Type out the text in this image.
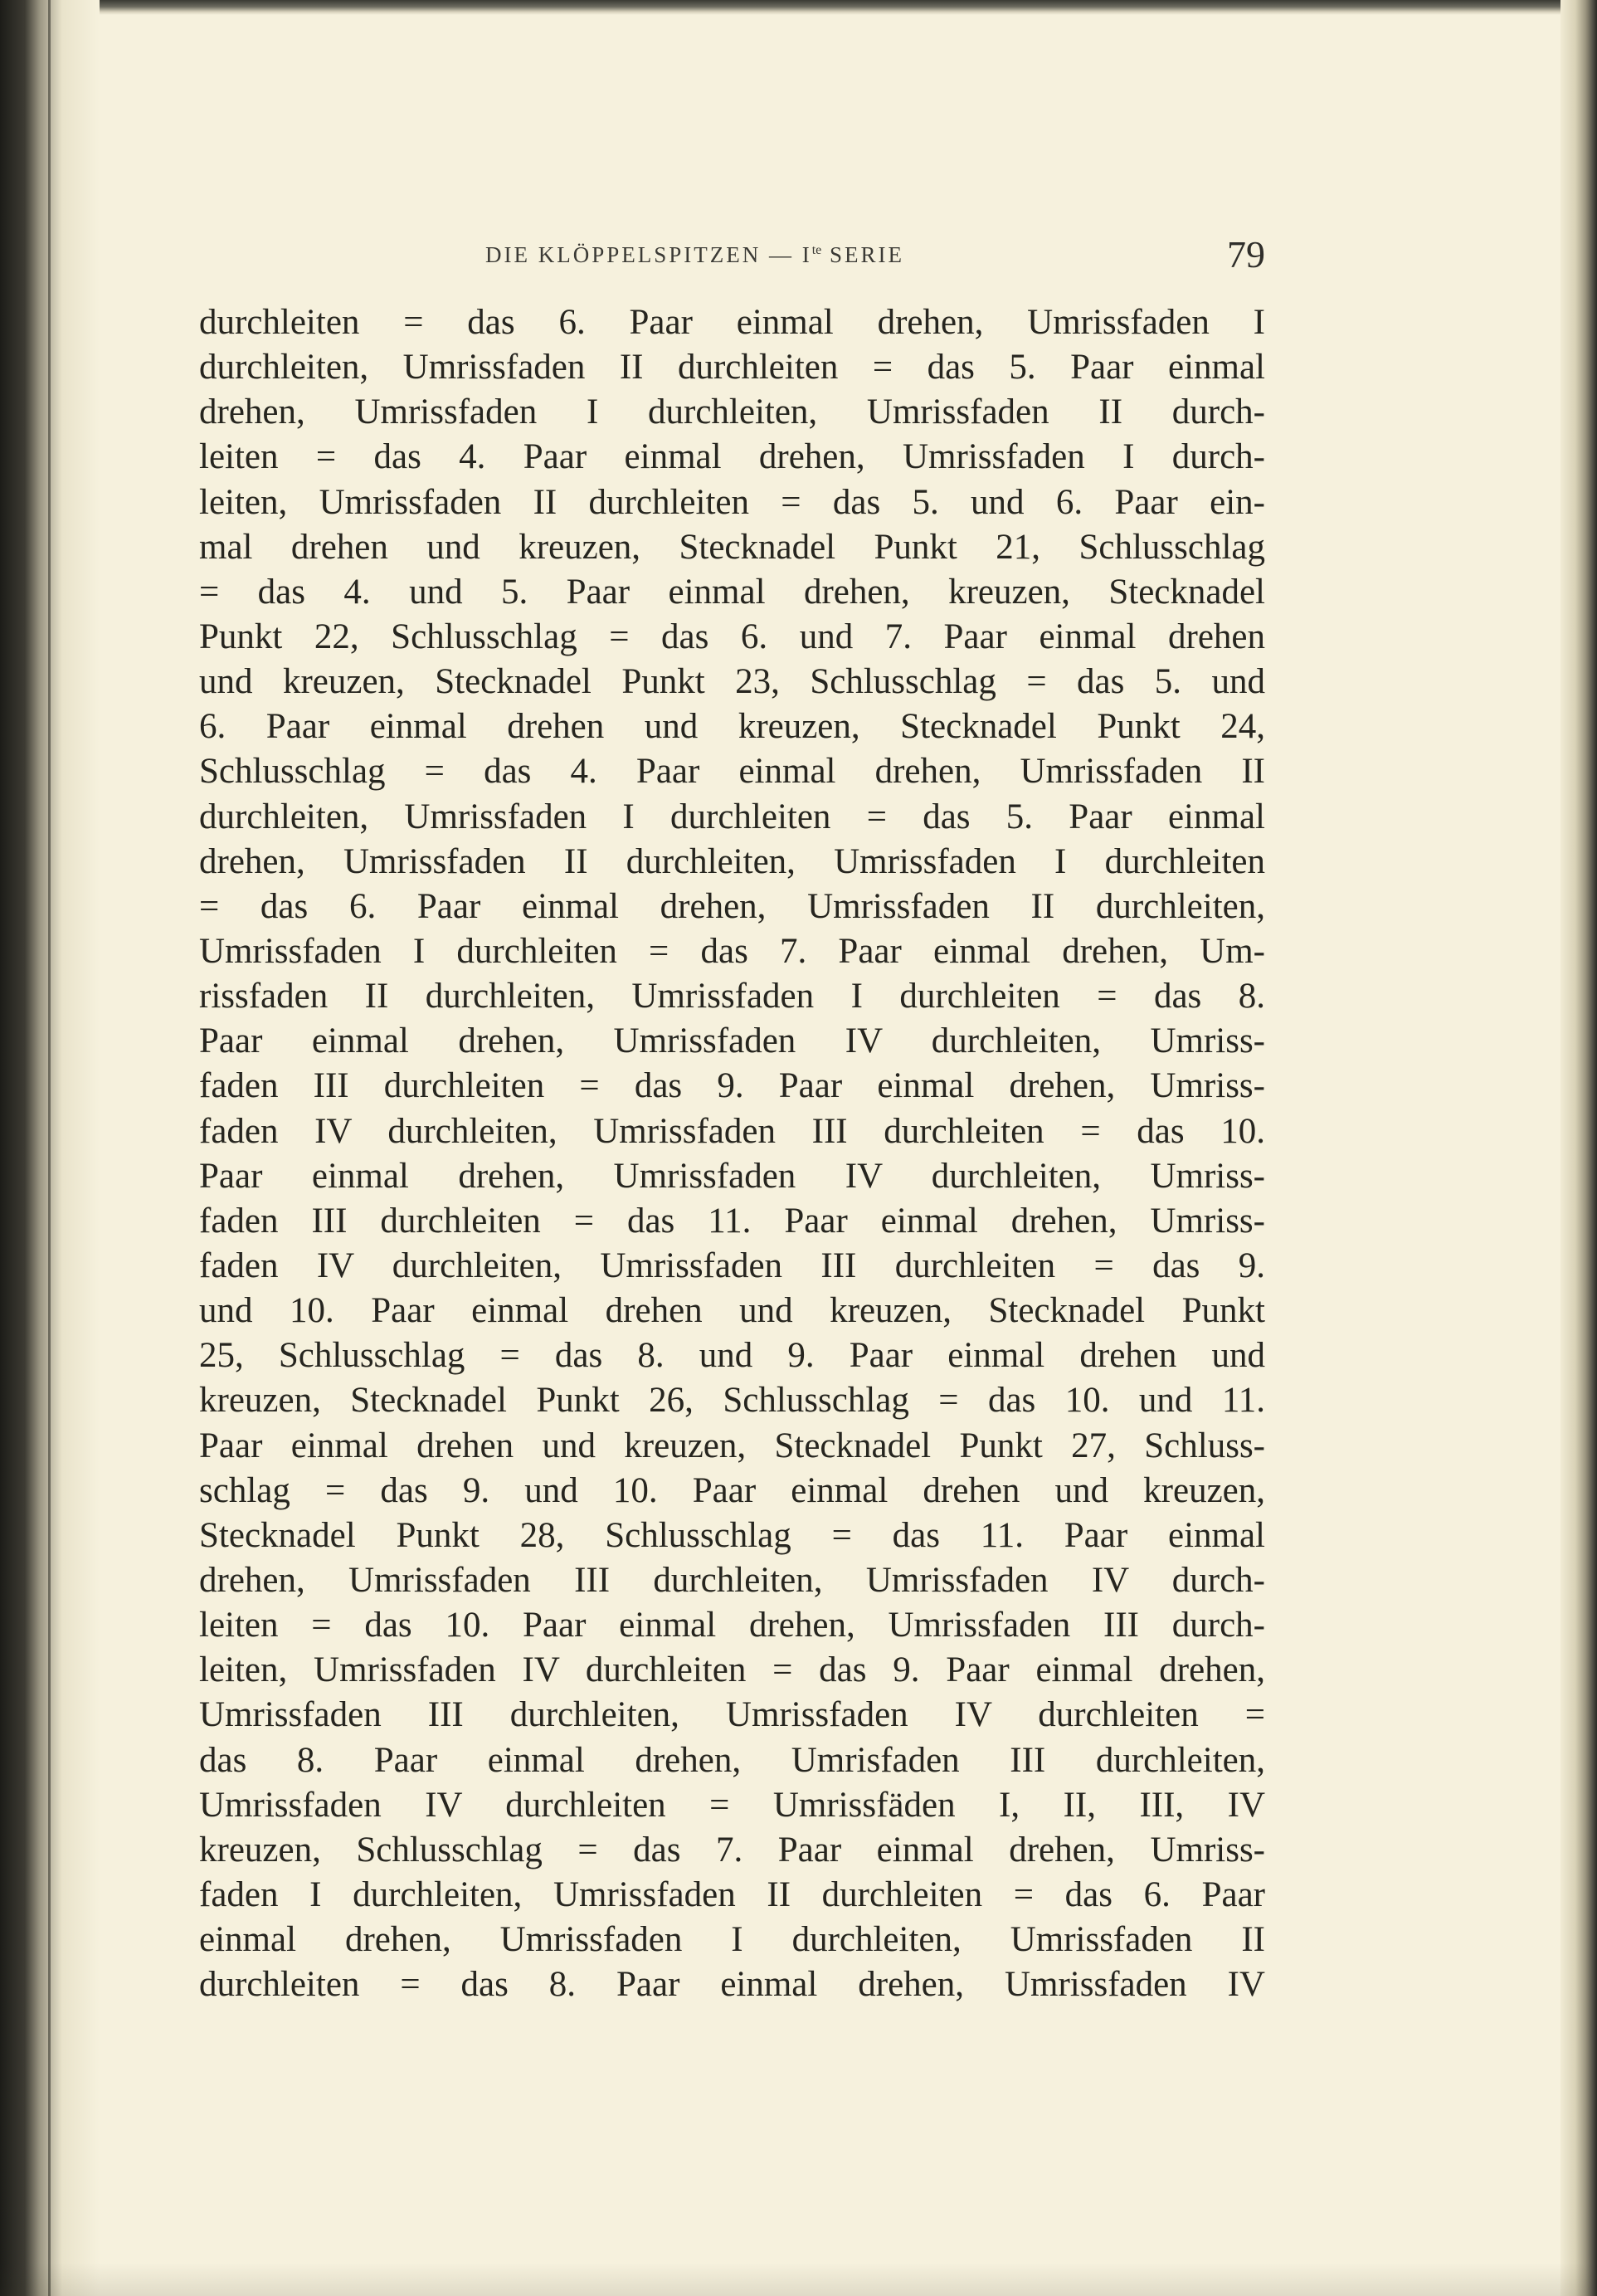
DIE KLÖPPELSPITZEN — $I^{te}$ SERIE	79
durchleiten = das 6. Paar einmal drehen, Umrissfaden I
durchleiten, Umrissfaden II durchleiten = das 5. Paar einmal
drehen, Umrissfaden I durchleiten, Umrissfaden II durch-
leiten = das 4. Paar einmal drehen, Umrissfaden I durch-
leiten, Umrissfaden II durchleiten = das 5. und 6. Paar ein-
mal drehen und kreuzen, Stecknadel Punkt 21, Schlusschlag
= das 4. und 5. Paar einmal drehen, kreuzen, Stecknadel
Punkt 22, Schlusschlag = das 6. und 7. Paar einmal drehen
und kreuzen, Stecknadel Punkt 23, Schlusschlag = das 5. und
6. Paar einmal drehen und kreuzen, Stecknadel Punkt 24,
Schlusschlag = das 4. Paar einmal drehen, Umrissfaden II
durchleiten, Umrissfaden I durchleiten = das 5. Paar einmal
drehen, Umrissfaden II durchleiten, Umrissfaden I durchleiten
= das 6. Paar einmal drehen, Umrissfaden II durchleiten,
Umrissfaden I durchleiten = das 7. Paar einmal drehen, Um-
rissfaden II durchleiten, Umrissfaden I durchleiten = das 8.
Paar einmal drehen, Umrissfaden IV durchleiten, Umriss-
faden III durchleiten = das 9. Paar einmal drehen, Umriss-
faden IV durchleiten, Umrissfaden III durchleiten = das 10.
Paar einmal drehen, Umrissfaden IV durchleiten, Umriss-
faden III durchleiten = das 11. Paar einmal drehen, Umriss-
faden IV durchleiten, Umrissfaden III durchleiten = das 9.
und 10. Paar einmal drehen und kreuzen, Stecknadel Punkt
25, Schlusschlag = das 8. und 9. Paar einmal drehen und
kreuzen, Stecknadel Punkt 26, Schlusschlag = das 10. und 11.
Paar einmal drehen und kreuzen, Stecknadel Punkt 27, Schluss-
schlag = das 9. und 10. Paar einmal drehen und kreuzen,
Stecknadel Punkt 28, Schlusschlag = das 11. Paar einmal
drehen, Umrissfaden III durchleiten, Umrissfaden IV durch-
leiten = das 10. Paar einmal drehen, Umrissfaden III durch-
leiten, Umrissfaden IV durchleiten = das 9. Paar einmal drehen,
Umrissfaden III durchleiten, Umrissfaden IV durchleiten =
das 8. Paar einmal drehen, Umrisfaden III durchleiten,
Umrissfaden IV durchleiten = Umrissfäden I, II, III, IV
kreuzen, Schlusschlag = das 7. Paar einmal drehen, Umriss-
faden I durchleiten, Umrissfaden II durchleiten = das 6. Paar
einmal drehen, Umrissfaden I durchleiten, Umrissfaden II
durchleiten = das 8. Paar einmal drehen, Umrissfaden IV
